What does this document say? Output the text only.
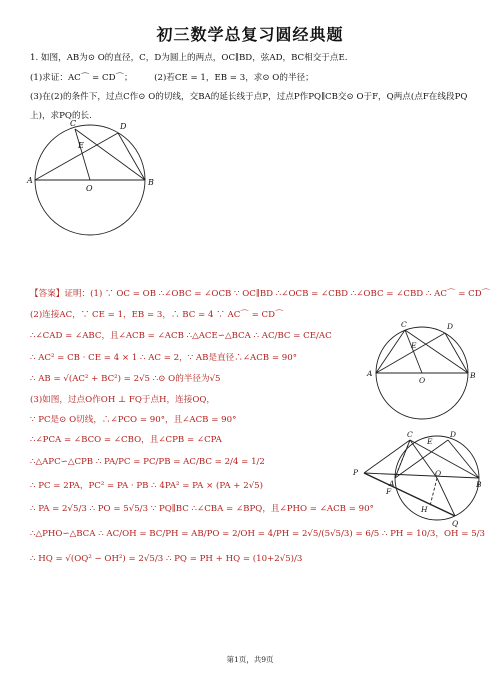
初三数学总复习圆经典题
1. 如图，AB为⊙ O的直径，C，D为圆上的两点，OC∥BD，弦AD，BC相交于点E.
(1)求证：AC⌒ = CD⌒；　　　(2)若CE = 1，EB = 3，求⊙ O的半径；
(3)在(2)的条件下，过点C作⊙ O的切线，交BA的延长线于点P，过点P作PQ∥CB交⊙ O于F，Q两点(点F在线段PQ
上)，求PQ的长.
A	B
C	D
E
O
【答案】证明：(1) ∵ OC = OB ∴∠OBC = ∠OCB ∵ OC∥BD ∴∠OCB = ∠CBD ∴∠OBC = ∠CBD ∴ AC⌒ = CD⌒
(2)连接AC，∵ CE = 1，EB = 3，∴ BC = 4 ∵ AC⌒ = CD⌒
∴∠CAD = ∠ABC，且∠ACB = ∠ACB ∴△ACE∽△BCA ∴ AC/BC = CE/AC
∴ AC² = CB · CE = 4 × 1 ∴ AC = 2，∵ AB是直径∴∠ACB = 90°
∴ AB = √(AC² + BC²) = 2√5 ∴⊙ O的半径为√5
(3)如图，过点O作OH ⊥ FQ于点H，连接OQ，
∵ PC是⊙ O切线，∴∠PCO = 90°，且∠ACB = 90°
∴∠PCA = ∠BCO = ∠CBO，且∠CPB = ∠CPA
∴△APC∽△CPB ∴ PA/PC = PC/PB = AC/BC = 2/4 = 1/2
∴ PC = 2PA，PC² = PA · PB ∴ 4PA² = PA × (PA + 2√5)
∴ PA = 2√5/3 ∴ PO = 5√5/3 ∵ PQ∥BC ∴∠CBA = ∠BPQ，且∠PHO = ∠ACB = 90°
∴△PHO∽△BCA ∴ AC/OH = BC/PH = AB/PO = 2/OH = 4/PH = 2√5/(5√5/3) = 6/5 ∴ PH = 10/3，OH = 5/3
∴ HQ = √(OQ² − OH²) = 2√5/3 ∴ PQ = PH + HQ = (10+2√5)/3
A	B
C	D
E
O
P
F
A
C	D
E
O
H
B
Q
第1页，共9页
